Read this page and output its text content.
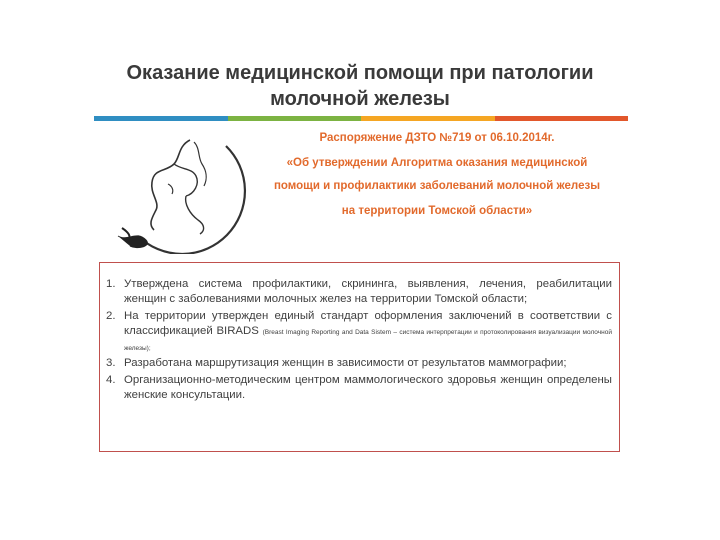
Оказание медицинской помощи при патологии
молочной железы
Распоряжение ДЗТО №719 от 06.10.2014г.
«Об утверждении Алгоритма оказания медицинской
помощи и профилактики заболеваний молочной железы
на территории Томской области»
1. Утверждена система профилактики, скрининга, выявления, лечения, реабилитации женщин с заболеваниями молочных желез на территории Томской области;
2. На территории утвержден единый стандарт оформления заключений в соответствии с классификацией BIRADS (Breast Imaging Reporting and Data Sistem – система интерпретации и протоколирования визуализации молочной железы);
3. Разработана маршрутизация женщин в зависимости от результатов маммографии;
4. Организационно-методическим центром маммологического здоровья женщин определены женские консультации.
